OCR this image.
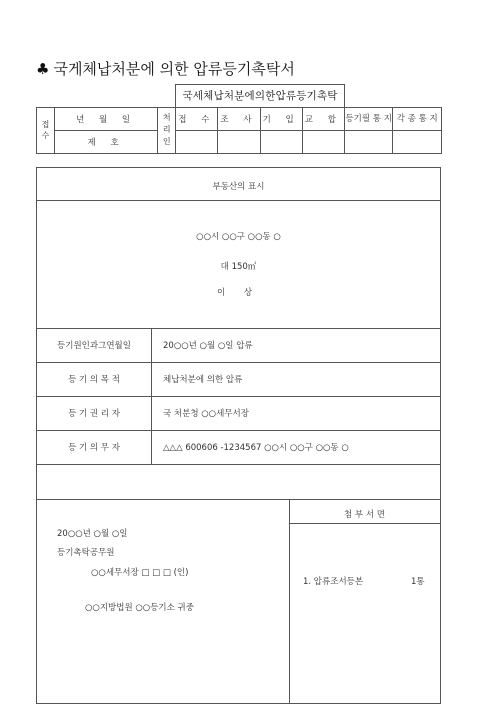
♣ 국게체납처분에 의한 압류등기촉탁서
			국세체납처분에의한압류등기촉탁					
접 수	년 월 일	처 리 인	접 수	조 사	기 입	교 합	등기필 통 지	각 종 통 지
	제 호							
부동산의 표시
○○시 ○○구 ○○동 ○
대 150㎡
이 상
등기원인과그연월일	20○○년 ○월 ○일 압류
등 기 의 목 적	체납처분에 의한 압류
등 기 권 리 자	국 처분청 ○○세무서장
등 기 의 무 자	△△△ 600606 -1234567 ○○시 ○○구 ○○동 ○
첨 부 서 면
1. 압류조서등본	1통
20○○년 ○월 ○일
등기촉탁공무원
○○세무서장 □ □ □ (인)
○○지방법원 ○○등기소 귀중
